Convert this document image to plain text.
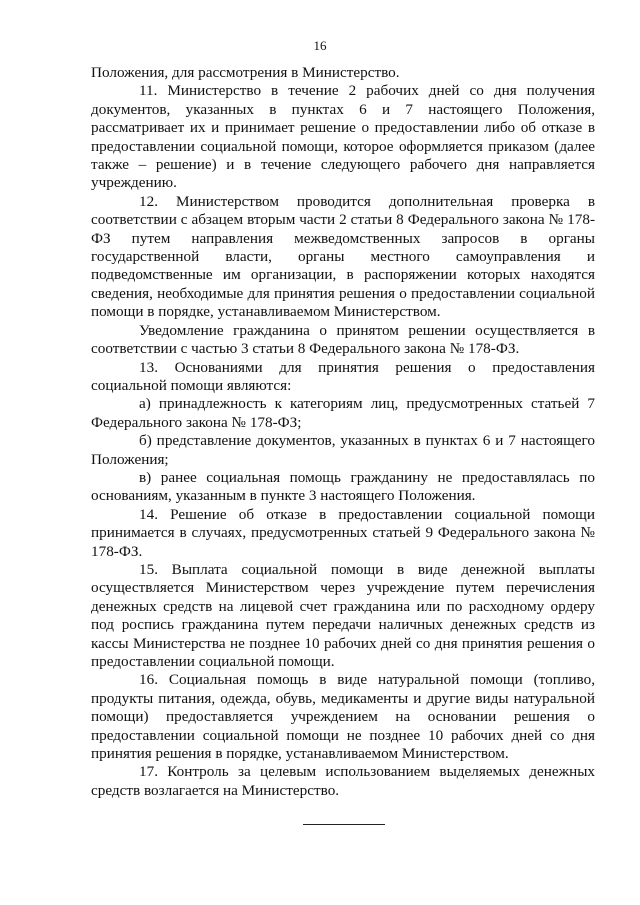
16

Положения, для рассмотрения в Министерство.

11. Министерство в течение 2 рабочих дней со дня получения документов, указанных в пунктах 6 и 7 настоящего Положения, рассматривает их и принимает решение о предоставлении либо об отказе в предоставлении социальной помощи, которое оформляется приказом (далее также – решение) и в течение следующего рабочего дня направляется учреждению.

12. Министерством проводится дополнительная проверка в соответствии с абзацем вторым части 2 статьи 8 Федерального закона № 178-ФЗ путем направления межведомственных запросов в органы государственной власти, органы местного самоуправления и подведомственные им организации, в распоряжении которых находятся сведения, необходимые для принятия решения о предоставлении социальной помощи в порядке, устанавливаемом Министерством.

Уведомление гражданина о принятом решении осуществляется в соответствии с частью 3 статьи 8 Федерального закона № 178-ФЗ.

13. Основаниями для принятия решения о предоставления социальной помощи являются:

а) принадлежность к категориям лиц, предусмотренных статьей 7 Федерального закона № 178-ФЗ;

б) представление документов, указанных в пунктах 6 и 7 настоящего Положения;

в) ранее социальная помощь гражданину не предоставлялась по основаниям, указанным в пункте 3 настоящего Положения.

14. Решение об отказе в предоставлении социальной помощи принимается в случаях, предусмотренных статьей 9 Федерального закона № 178-ФЗ.

15. Выплата социальной помощи в виде денежной выплаты осуществляется Министерством через учреждение путем перечисления денежных средств на лицевой счет гражданина или по расходному ордеру под роспись гражданина путем передачи наличных денежных средств из кассы Министерства не позднее 10 рабочих дней со дня принятия решения о предоставлении социальной помощи.

16. Социальная помощь в виде натуральной помощи (топливо, продукты питания, одежда, обувь, медикаменты и другие виды натуральной помощи) предоставляется учреждением на основании решения о предоставлении социальной помощи не позднее 10 рабочих дней со дня принятия решения в порядке, устанавливаемом Министерством.

17. Контроль за целевым использованием выделяемых денежных средств возлагается на Министерство.
